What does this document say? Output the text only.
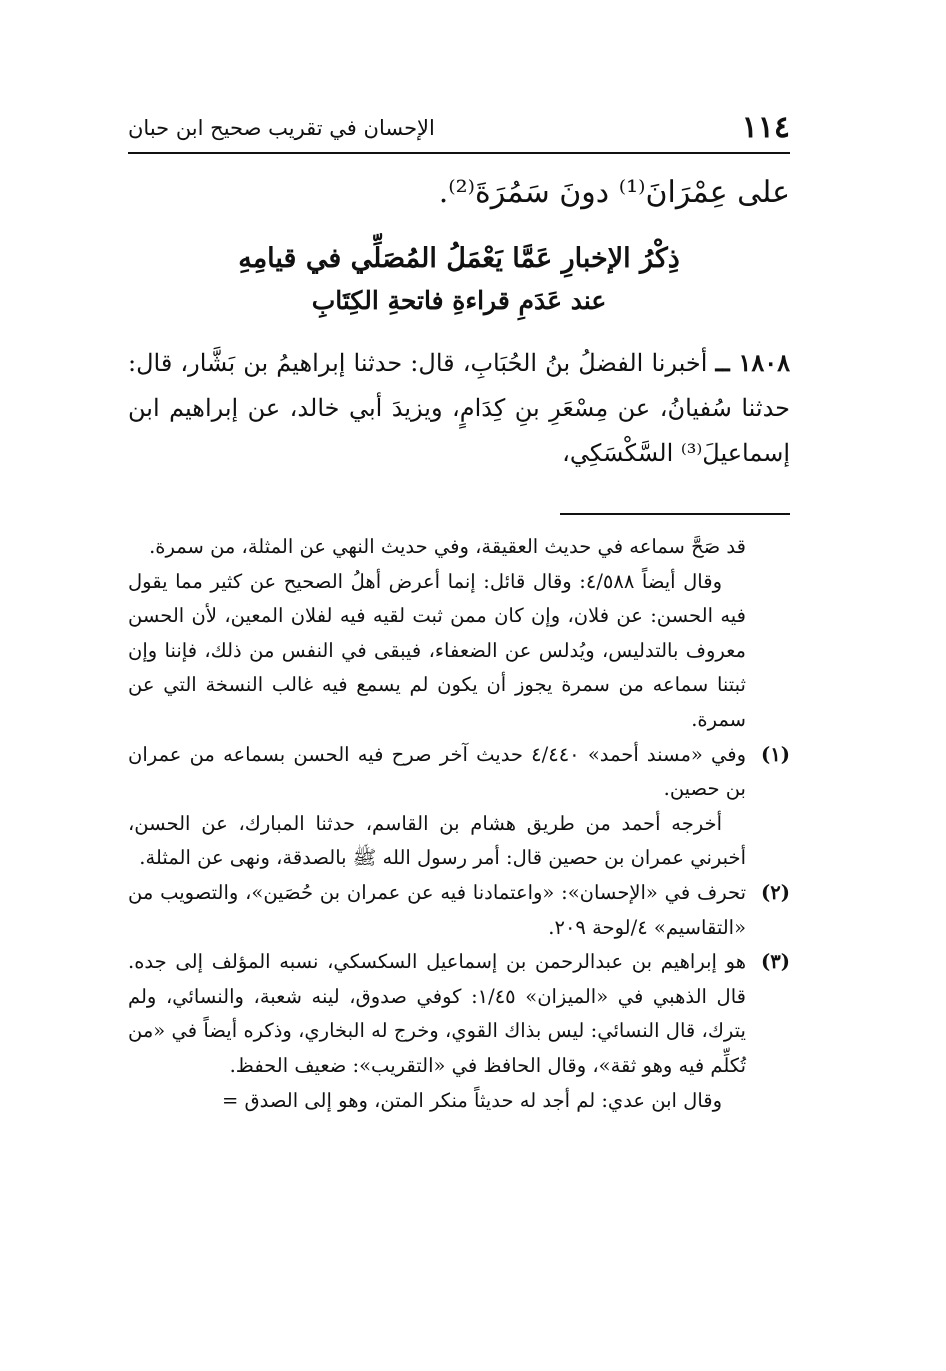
١١٤
الإحسان في تقريب صحيح ابن حبان
على عِمْرَانَ⁽¹⁾ دونَ سَمُرَةَ⁽²⁾.
ذِكْرُ الإخبارِ عَمَّا يَعْمَلُ المُصَلِّي في قيامِهِ
عند عَدَمِ قراءةِ فاتحةِ الكِتَابِ
١٨٠٨ ــ أخبرنا الفضلُ بنُ الحُبَابِ، قال: حدثنا إبراهيمُ بن بَشَّار، قال: حدثنا سُفيانُ، عن مِسْعَرِ بنِ كِدَامٍ، ويزيدَ أبي خالد، عن إبراهيم ابن إسماعيلَ⁽³⁾ السَّكْسَكِي،

قد صَحَّ سماعه في حديث العقيقة، وفي حديث النهي عن المثلة، من سمرة.

وقال أيضاً ٤/٥٨٨: وقال قائل: إنما أعرض أهلُ الصحيح عن كثير مما يقول فيه الحسن: عن فلان، وإن كان ممن ثبت لقيه فيه لفلان المعين، لأن الحسن معروف بالتدليس، ويُدلس عن الضعفاء، فيبقى في النفس من ذلك، فإننا وإن ثبتنا سماعه من سمرة يجوز أن يكون لم يسمع فيه غالب النسخة التي عن سمرة.

(١)

وفي «مسند أحمد» ٤/٤٤٠ حديث آخر صرح فيه الحسن بسماعه من عمران بن حصين.

أخرجه أحمد من طريق هشام بن القاسم، حدثنا المبارك، عن الحسن، أخبرني عمران بن حصين قال: أمر رسول الله ﷺ بالصدقة، ونهى عن المثلة.

(٢)

تحرف في «الإحسان»: «واعتمادنا فيه عن عمران بن حُصَين»، والتصويب من «التقاسيم» ٤/لوحة ٢٠٩.

(٣)

هو إبراهيم بن عبدالرحمن بن إسماعيل السكسكي، نسبه المؤلف إلى جده. قال الذهبي في «الميزان» ١/٤٥: كوفي صدوق، لينه شعبة، والنسائي، ولم يترك، قال النسائي: ليس بذاك القوي، وخرج له البخاري، وذكره أيضاً في «من تُكلِّم فيه وهو ثقة»، وقال الحافظ في «التقريب»: ضعيف الحفظ.

وقال ابن عدي: لم أجد له حديثاً منكر المتن، وهو إلى الصدق =
